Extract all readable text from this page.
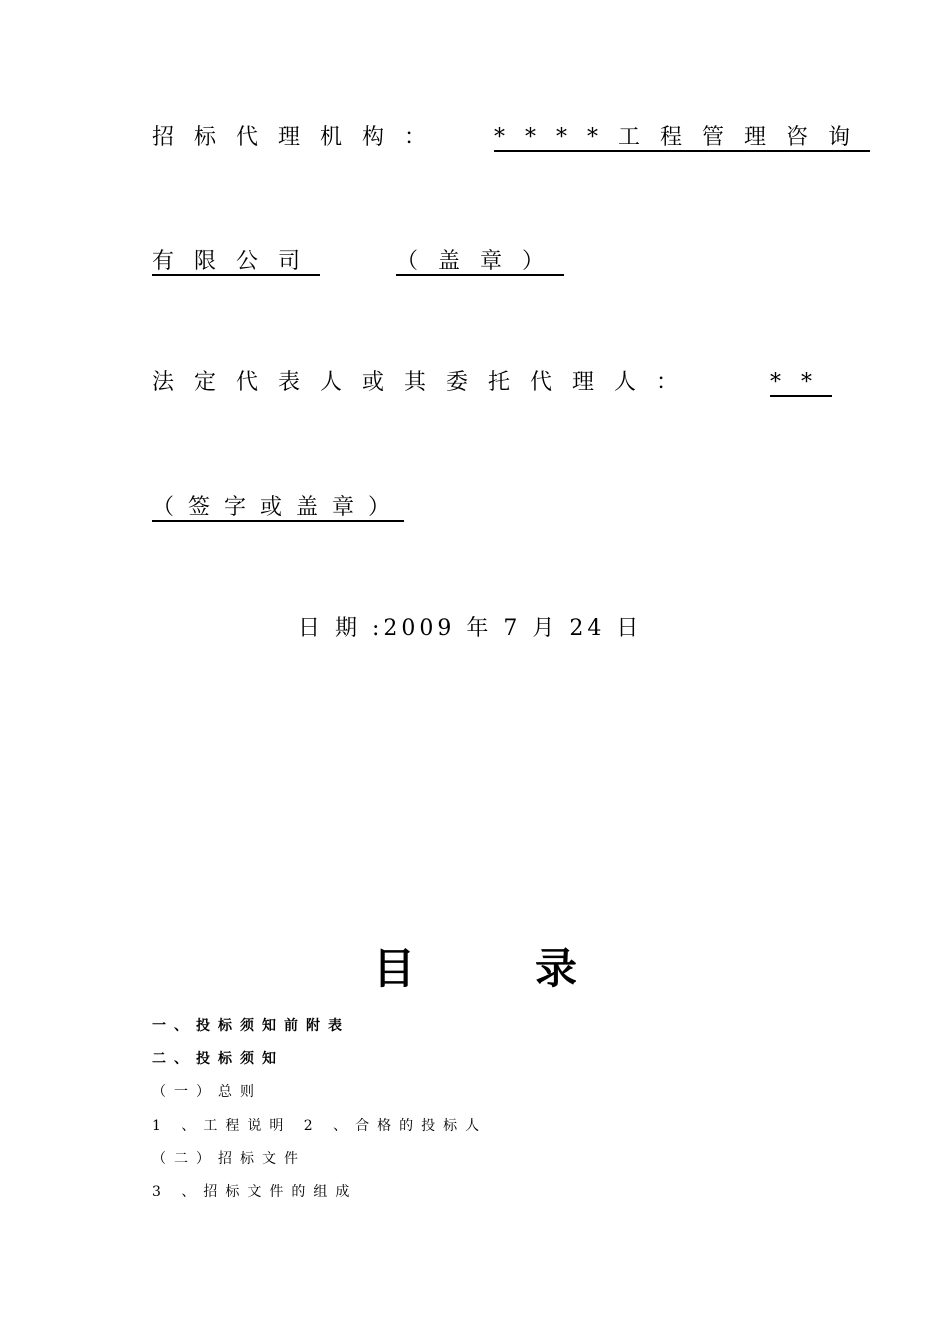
招标代理机构： ****工程管理咨询
有限公司	（盖章）
法定代表人或其委托代理人：	**
（签字或盖章）
日 期 :2009 年 7 月 24 日
目录
一、投标须知前附表
二、投标须知
（一）总则
1 、工程说明 2 、合格的投标人
（二）招标文件
3 、招标文件的组成
